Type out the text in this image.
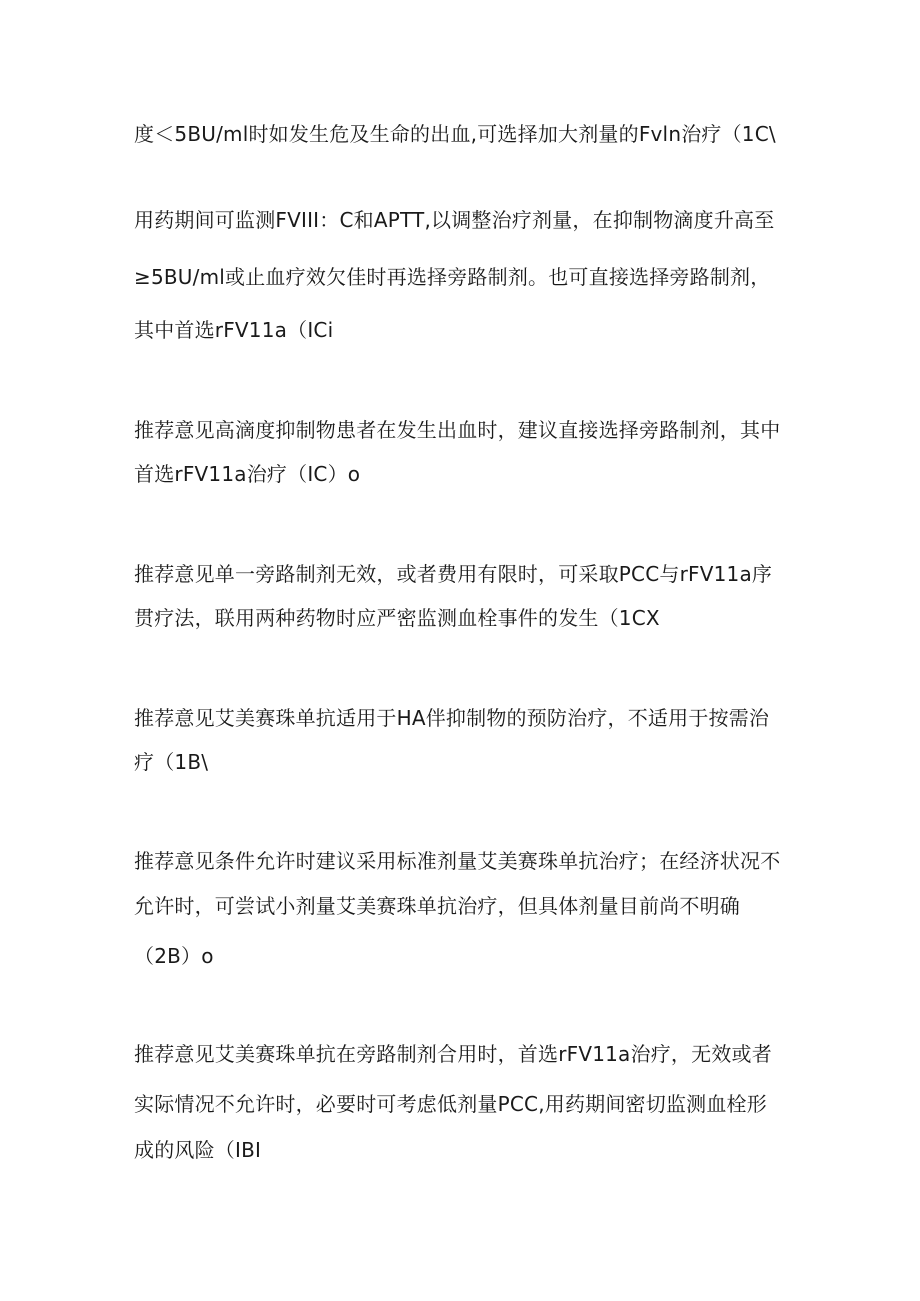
度＜5BU/ml时如发生危及生命的出血,可选择加大剂量的Fvln治疗（1C\
用药期间可监测FVIII：C和APTT,以调整治疗剂量，在抑制物滴度升高至
≥5BU/ml或止血疗效欠佳时再选择旁路制剂。也可直接选择旁路制剂，
其中首选rFV11a（ICi
推荐意见高滴度抑制物患者在发生出血时，建议直接选择旁路制剂，其中
首选rFV11a治疗（IC）o
推荐意见单一旁路制剂无效，或者费用有限时，可采取PCC与rFV11a序
贯疗法，联用两种药物时应严密监测血栓事件的发生（1CX
推荐意见艾美赛珠单抗适用于HA伴抑制物的预防治疗，不适用于按需治
疗（1B\
推荐意见条件允许时建议采用标准剂量艾美赛珠单抗治疗；在经济状况不
允许时，可尝试小剂量艾美赛珠单抗治疗，但具体剂量目前尚不明确
（2B）o
推荐意见艾美赛珠单抗在旁路制剂合用时，首选rFV11a治疗，无效或者
实际情况不允许时，必要时可考虑低剂量PCC,用药期间密切监测血栓形
成的风险（IBI
